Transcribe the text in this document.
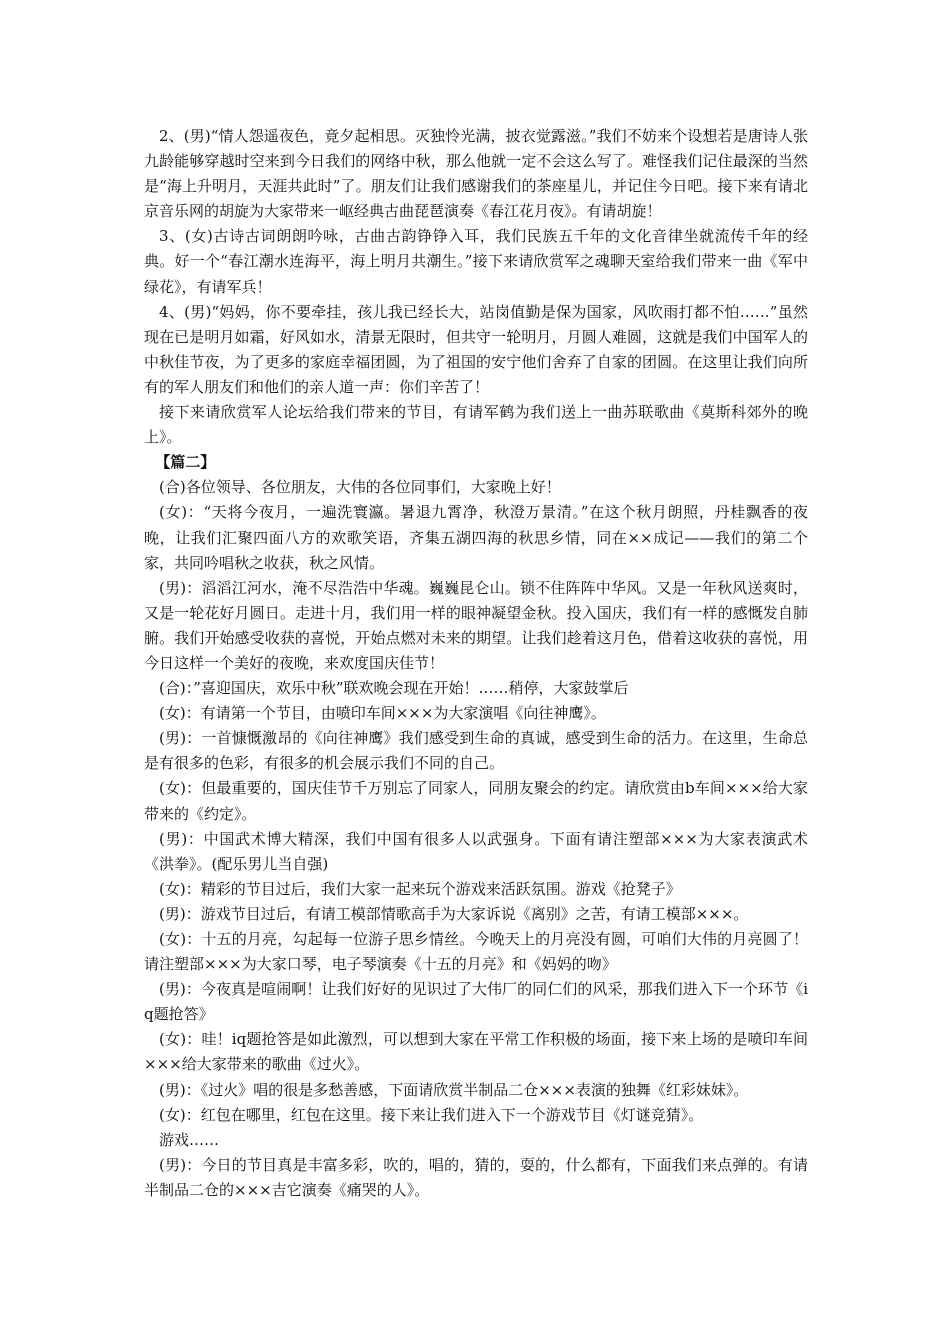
2、(男)“情人怨遥夜色，竟夕起相思。灭独怜光满，披衣觉露滋。”我们不妨来个设想若是唐诗人张九龄能够穿越时空来到今日我们的网络中秋，那么他就一定不会这么写了。难怪我们记住最深的当然是“海上升明月，天涯共此时”了。朋友们让我们感谢我们的茶座星儿，并记住今日吧。接下来有请北京音乐网的胡旋为大家带来一岖经典古曲琵琶演奏《春江花月夜》。有请胡旋！

3、(女)古诗古词朗朗吟咏，古曲古韵铮铮入耳，我们民族五千年的文化音律坐就流传千年的经典。好一个“春江潮水连海平，海上明月共潮生。”接下来请欣赏军之魂聊天室给我们带来一曲《军中绿花》，有请军兵！

4、(男)“妈妈，你不要牵挂，孩儿我已经长大，站岗值勤是保为国家，风吹雨打都不怕……”虽然现在已是明月如霜，好风如水，清景无限时，但共守一轮明月，月圆人难圆，这就是我们中国军人的中秋佳节夜，为了更多的家庭幸福团圆，为了祖国的安宁他们舍弃了自家的团圆。在这里让我们向所有的军人朋友们和他们的亲人道一声：你们辛苦了！

接下来请欣赏军人论坛给我们带来的节目，有请军鹤为我们送上一曲苏联歌曲《莫斯科郊外的晚上》。

【篇二】

(合)各位领导、各位朋友，大伟的各位同事们，大家晚上好！

(女)：“天将今夜月，一遍洗寰瀛。暑退九霄净，秋澄万景清。”在这个秋月朗照，丹桂飘香的夜晚，让我们汇聚四面八方的欢歌笑语，齐集五湖四海的秋思乡情，同在××成记——我们的第二个家，共同吟唱秋之收获，秋之风情。

(男)：滔滔江河水，淹不尽浩浩中华魂。巍巍昆仑山。锁不住阵阵中华风。又是一年秋风送爽时，又是一轮花好月圆日。走进十月，我们用一样的眼神凝望金秋。投入国庆，我们有一样的感慨发自肺腑。我们开始感受收获的喜悦，开始点燃对未来的期望。让我们趁着这月色，借着这收获的喜悦，用今日这样一个美好的夜晚，来欢度国庆佳节！

(合)：”喜迎国庆，欢乐中秋”联欢晚会现在开始！……稍停，大家鼓掌后

(女)：有请第一个节目，由喷印车间×××为大家演唱《向往神鹰》。

(男)：一首慷慨激昂的《向往神鹰》我们感受到生命的真诚，感受到生命的活力。在这里，生命总是有很多的色彩，有很多的机会展示我们不同的自己。

(女)：但最重要的，国庆佳节千万别忘了同家人，同朋友聚会的约定。请欣赏由b车间×××给大家带来的《约定》。

(男)：中国武术博大精深，我们中国有很多人以武强身。下面有请注塑部×××为大家表演武术《洪拳》。(配乐男儿当自强)

(女)：精彩的节目过后，我们大家一起来玩个游戏来活跃氛围。游戏《抢凳子》

(男)：游戏节目过后，有请工模部情歌高手为大家诉说《离别》之苦，有请工模部×××。

(女)：十五的月亮，勾起每一位游子思乡情丝。今晚天上的月亮没有圆，可咱们大伟的月亮圆了！请注塑部×××为大家口琴，电子琴演奏《十五的月亮》和《妈妈的吻》

(男)：今夜真是喧闹啊！让我们好好的见识过了大伟厂的同仁们的风采，那我们进入下一个环节《iq题抢答》

(女)：哇！iq题抢答是如此激烈，可以想到大家在平常工作积极的场面，接下来上场的是喷印车间×××给大家带来的歌曲《过火》。

(男)：《过火》唱的很是多愁善感，下面请欣赏半制品二仓×××表演的独舞《红彩妹妹》。

(女)：红包在哪里，红包在这里。接下来让我们进入下一个游戏节目《灯谜竞猜》。

游戏……

(男)：今日的节目真是丰富多彩，吹的，唱的，猜的，耍的，什么都有，下面我们来点弹的。有请半制品二仓的×××吉它演奏《痛哭的人》。
